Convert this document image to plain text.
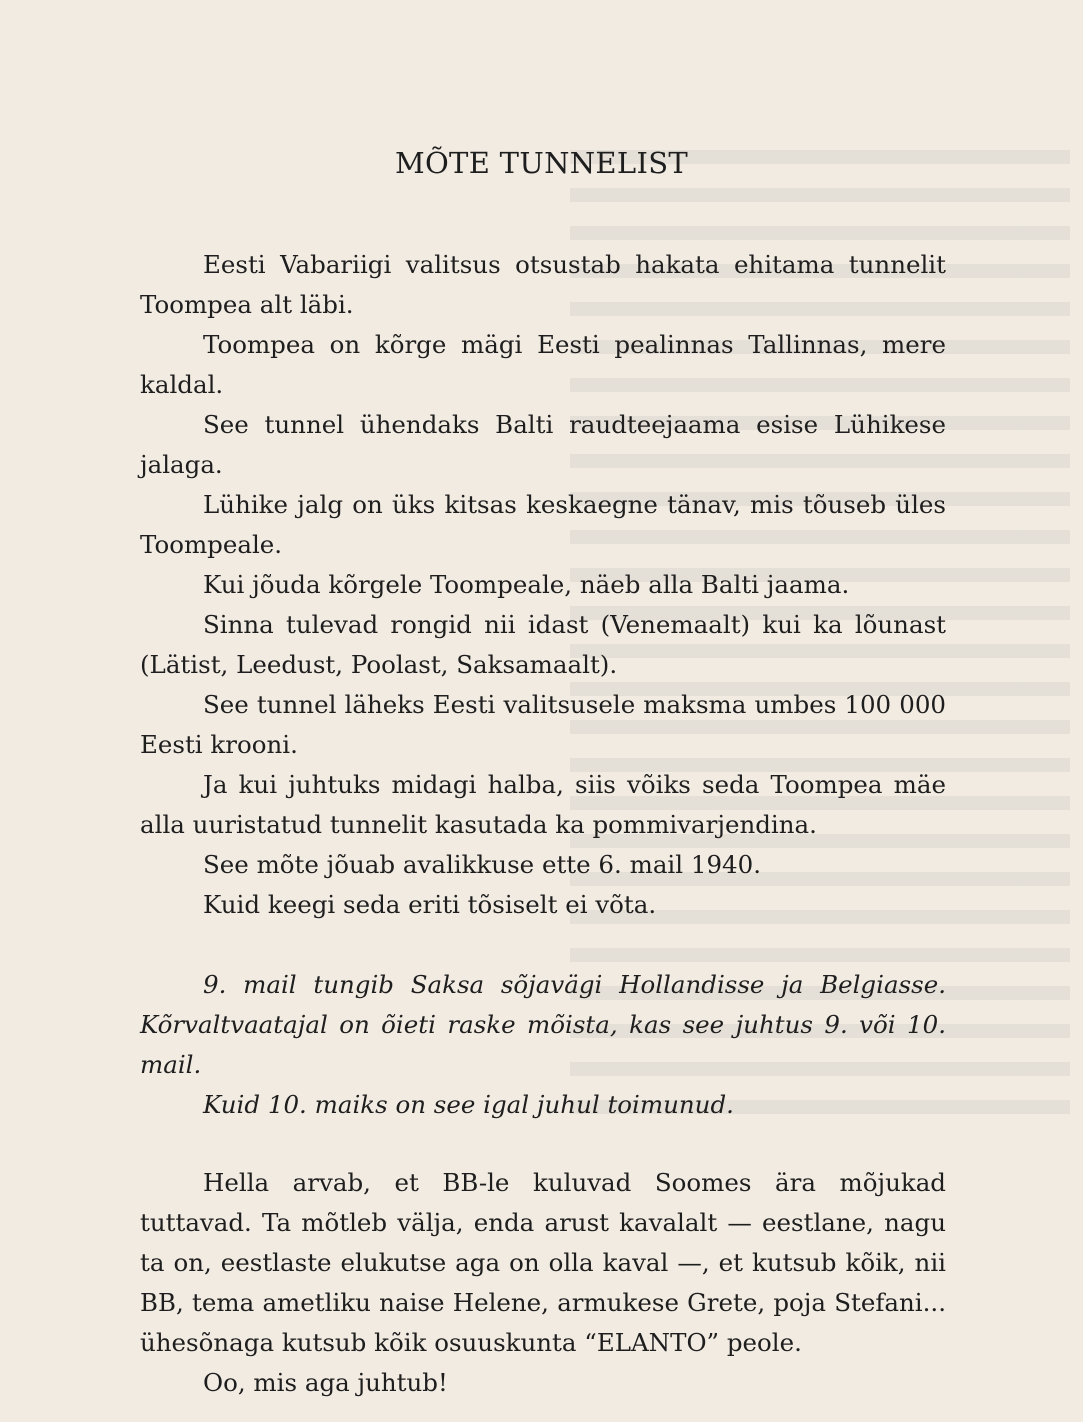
MÕTE TUNNELIST

Eesti Vabariigi valitsus otsustab hakata ehitama tunnelit Toompea alt läbi.

Toompea on kõrge mägi Eesti pealinnas Tallinnas, mere kaldal.

See tunnel ühendaks Balti raudteejaama esise Lühikese jalaga.

Lühike jalg on üks kitsas keskaegne tänav, mis tõuseb üles Toompeale.

Kui jõuda kõrgele Toompeale, näeb alla Balti jaama.

Sinna tulevad rongid nii idast (Venemaalt) kui ka lõunast (Lätist, Leedust, Poolast, Saksamaalt).

See tunnel läheks Eesti valitsusele maksma umbes 100 000 Eesti krooni.

Ja kui juhtuks midagi halba, siis võiks seda Toompea mäe alla uuristatud tunnelit kasutada ka pommivarjendina.

See mõte jõuab avalikkuse ette 6. mail 1940.

Kuid keegi seda eriti tõsiselt ei võta.

9. mail tungib Saksa sõjavägi Hollandisse ja Belgiasse. Kõrvaltvaatajal on õieti raske mõista, kas see juhtus 9. või 10. mail.

Kuid 10. maiks on see igal juhul toimunud.

Hella arvab, et BB-le kuluvad Soomes ära mõjukad tuttavad. Ta mõtleb välja, enda arust kavalalt — eestlane, nagu ta on, eestlaste elukutse aga on olla kaval —, et kutsub kõik, nii BB, tema ametliku naise Helene, armukese Grete, poja Stefani... ühesõnaga kutsub kõik osuuskunta “ELANTO” peole.

Oo, mis aga juhtub!
